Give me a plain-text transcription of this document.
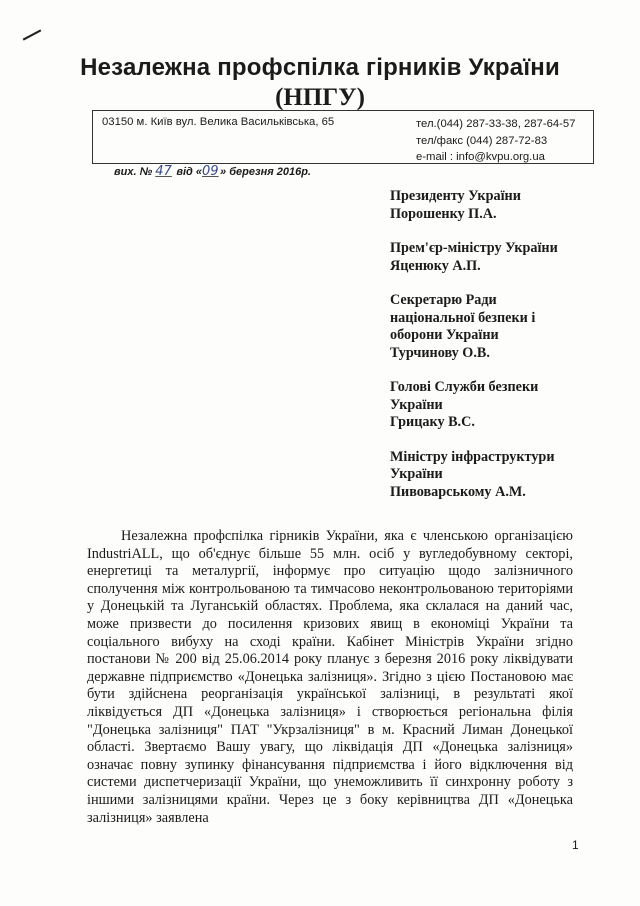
Незалежна профспілка гірників України
(НПГУ)
03150 м. Київ вул. Велика Васильківська, 65	тел.(044) 287-33-38, 287-64-57
тел/факс (044) 287-72-83
e-mail : info@kvpu.org.ua
вих. № 47 від «09» березня 2016р.
Президенту України
Порошенку П.А.
Прем'єр-міністру України
Яценюку А.П.
Секретарю Ради
національної безпеки і
оборони України
Турчинову О.В.
Голові Служби безпеки
України
Грицаку В.С.
Міністру інфраструктури
України
Пивоварському А.М.

Незалежна профспілка гірників України, яка є членською організацією IndustriALL, що об'єднує більше 55 млн. осіб у вугледобувному секторі, енергетиці та металургії, інформує про ситуацію щодо залізничного сполучення між контрольованою та тимчасово неконтрольованою територіями у Донецькій та Луганській областях. Проблема, яка склалася на даний час, може призвести до посилення кризових явищ в економіці України та соціального вибуху на сході країни. Кабінет Міністрів України згідно постанови № 200 від 25.06.2014 року планує з березня 2016 року ліквідувати державне підприємство «Донецька залізниця». Згідно з цією Постановою має бути здійснена реорганізація української залізниці, в результаті якої ліквідується ДП «Донецька залізниця» і створюється регіональна філія "Донецька залізниця" ПАТ "Укрзалізниця" в м. Красний Лиман Донецької області. Звертаємо Вашу увагу, що ліквідація ДП «Донецька залізниця» означає повну зупинку фінансування підприємства і його відключення від системи диспетчеризації України, що унеможливить її синхронну роботу з іншими залізницями країни. Через це з боку керівництва ДП «Донецька залізниця» заявлена

1
